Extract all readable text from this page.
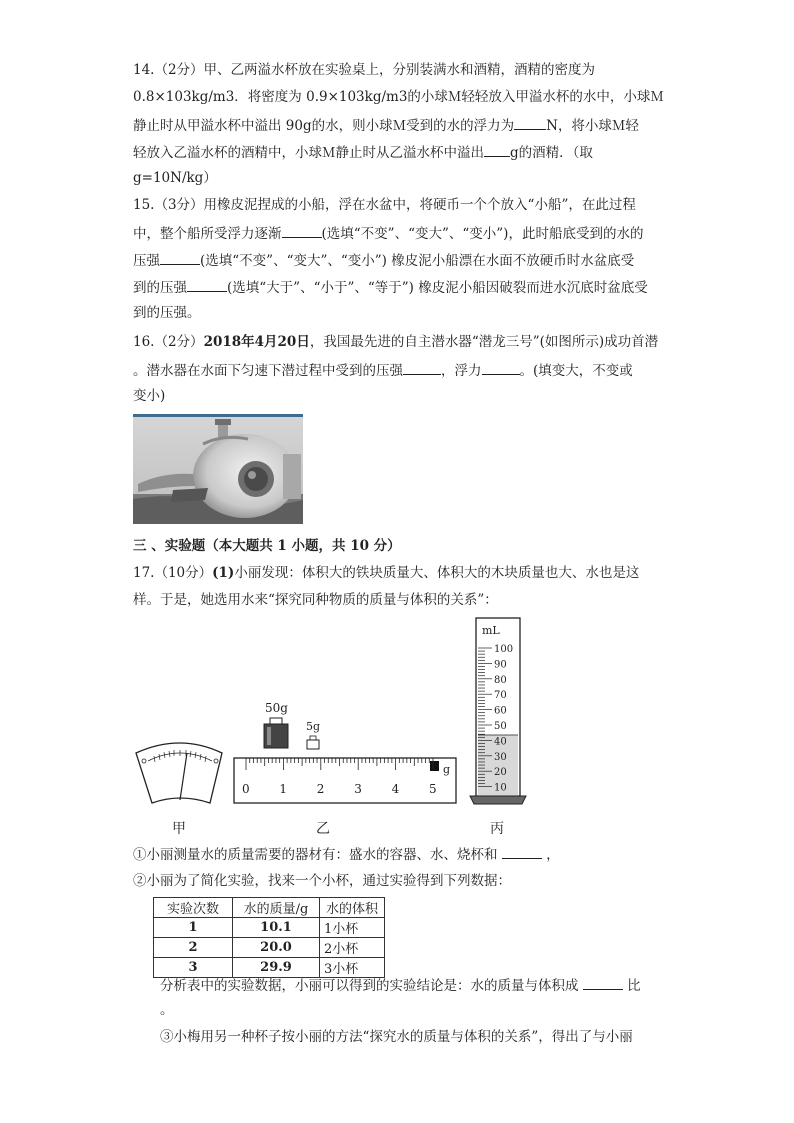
14.（2分）甲、乙两溢水杯放在实验桌上，分别装满水和酒精，酒精的密度为
0.8×103kg/m3．将密度为 0.9×103kg/m3的小球Ｍ轻轻放入甲溢水杯的水中，小球Ｍ
静止时从甲溢水杯中溢出 90g的水，则小球Ｍ受到的水的浮力为 N，将小球Ｍ轻
轻放入乙溢水杯的酒精中，小球Ｍ静止时从乙溢水杯中溢出 g的酒精．（取
g=10N/kg）
15.（3分）用橡皮泥捏成的小船，浮在水盆中，将硬币一个个放入“小船”，在此过程
中，整个船所受浮力逐渐	(选填“不变”、“变大”、“变小”)，此时船底受到的水的
压强	(选填“不变”、“变大”、“变小”) 橡皮泥小船漂在水面不放硬币时水盆底受
到的压强	(选填“大于”、“小于”、“等于”) 橡皮泥小船因破裂而进水沉底时盆底受
到的压强。
16.（2分）2018年4月20日，我国最先进的自主潜水器“潜龙三号”(如图所示)成功首潜
。潜水器在水面下匀速下潜过程中受到的压强	，浮力	。(填变大，不变或
变小)
三 、实验题（本大题共 1 小题，共 10 分）
17.（10分）(1)小丽发现：体积大的铁块质量大、体积大的木块质量也大、水也是这
样。于是，她选用水来“探究同种物质的质量与体积的关系”：
50g
5g
0 1 2 3 4 5
g
mL
100
90
80
70
60
50
40
30
20
10
甲	乙	丙
①小丽测量水的质量需要的器材有：盛水的容器、水、烧杯和	，
②小丽为了简化实验，找来一个小杯，通过实验得到下列数据：
实验次数	水的质量/g	水的体积
1	10.1	1小杯
2	20.0	2小杯
3	29.9	3小杯
分析表中的实验数据，小丽可以得到的实验结论是：水的质量与体积成	比
。
③小梅用另一种杯子按小丽的方法“探究水的质量与体积的关系”，得出了与小丽
